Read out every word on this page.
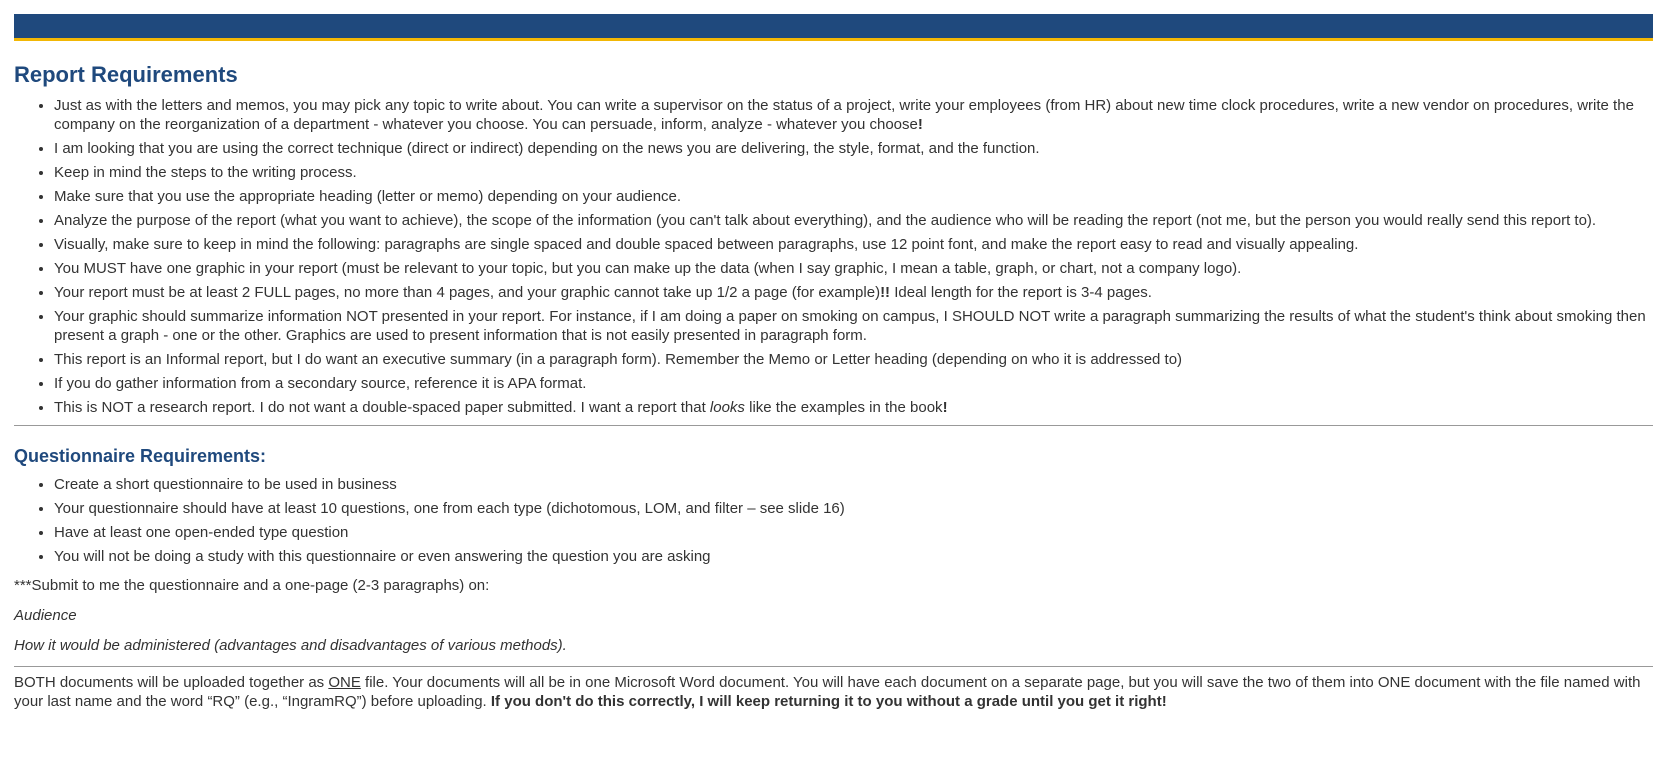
Report Requirements
• Just as with the letters and memos, you may pick any topic to write about. You can write a supervisor on the status of a project, write your employees (from HR) about new time clock procedures, write a new vendor on procedures, write the company on the reorganization of a department - whatever you choose. You can persuade, inform, analyze - whatever you choose!
• I am looking that you are using the correct technique (direct or indirect) depending on the news you are delivering, the style, format, and the function.
• Keep in mind the steps to the writing process.
• Make sure that you use the appropriate heading (letter or memo) depending on your audience.
• Analyze the purpose of the report (what you want to achieve), the scope of the information (you can't talk about everything), and the audience who will be reading the report (not me, but the person you would really send this report to).
• Visually, make sure to keep in mind the following: paragraphs are single spaced and double spaced between paragraphs, use 12 point font, and make the report easy to read and visually appealing.
• You MUST have one graphic in your report (must be relevant to your topic, but you can make up the data (when I say graphic, I mean a table, graph, or chart, not a company logo).
• Your report must be at least 2 FULL pages, no more than 4 pages, and your graphic cannot take up 1/2 a page (for example)!! Ideal length for the report is 3-4 pages.
• Your graphic should summarize information NOT presented in your report. For instance, if I am doing a paper on smoking on campus, I SHOULD NOT write a paragraph summarizing the results of what the student's think about smoking then present a graph - one or the other. Graphics are used to present information that is not easily presented in paragraph form.
• This report is an Informal report, but I do want an executive summary (in a paragraph form). Remember the Memo or Letter heading (depending on who it is addressed to)
• If you do gather information from a secondary source, reference it is APA format.
• This is NOT a research report. I do not want a double-spaced paper submitted. I want a report that looks like the examples in the book!
Questionnaire Requirements:
• Create a short questionnaire to be used in business
• Your questionnaire should have at least 10 questions, one from each type (dichotomous, LOM, and filter – see slide 16)
• Have at least one open-ended type question
• You will not be doing a study with this questionnaire or even answering the question you are asking

***Submit to me the questionnaire and a one-page (2-3 paragraphs) on:

Audience

How it would be administered (advantages and disadvantages of various methods).

BOTH documents will be uploaded together as ONE file. Your documents will all be in one Microsoft Word document. You will have each document on a separate page, but you will save the two of them into ONE document with the file named with your last name and the word “RQ” (e.g., “IngramRQ”) before uploading. If you don't do this correctly, I will keep returning it to you without a grade until you get it right!
